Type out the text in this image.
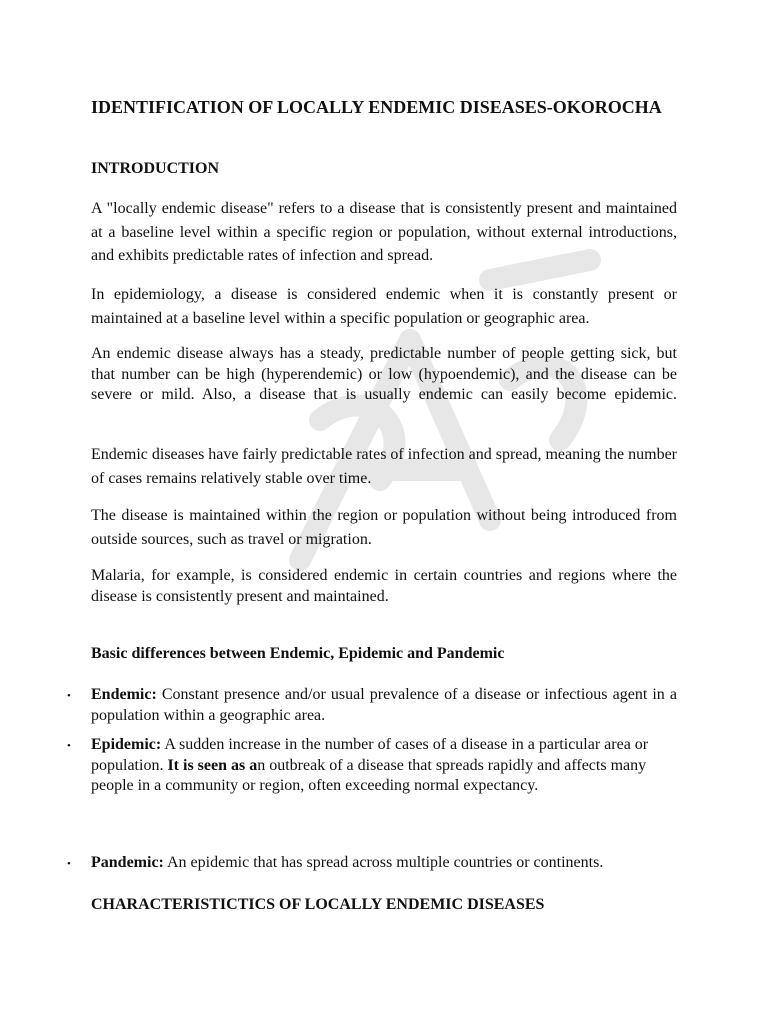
IDENTIFICATION OF LOCALLY ENDEMIC DISEASES-OKOROCHA
INTRODUCTION

A "locally endemic disease" refers to a disease that is consistently present and maintained at a baseline level within a specific region or population, without external introductions, and exhibits predictable rates of infection and spread.

In epidemiology, a disease is considered endemic when it is constantly present or maintained at a baseline level within a specific population or geographic area.

An endemic disease always has a steady, predictable number of people getting sick, but that number can be high (hyperendemic) or low (hypoendemic), and the disease can be severe or mild. Also, a disease that is usually endemic can easily become epidemic.

Endemic diseases have fairly predictable rates of infection and spread, meaning the number of cases remains relatively stable over time.

The disease is maintained within the region or population without being introduced from outside sources, such as travel or migration.

Malaria, for example, is considered endemic in certain countries and regions where the disease is consistently present and maintained.

Basic differences between Endemic, Epidemic and Pandemic
•	Endemic: Constant presence and/or usual prevalence of a disease or infectious agent in a population within a geographic area.
•	Epidemic: A sudden increase in the number of cases of a disease in a particular area or population. It is seen as an outbreak of a disease that spreads rapidly and affects many people in a community or region, often exceeding normal expectancy.
•	Pandemic: An epidemic that has spread across multiple countries or continents.
CHARACTERISTICTICS OF LOCALLY ENDEMIC DISEASES
